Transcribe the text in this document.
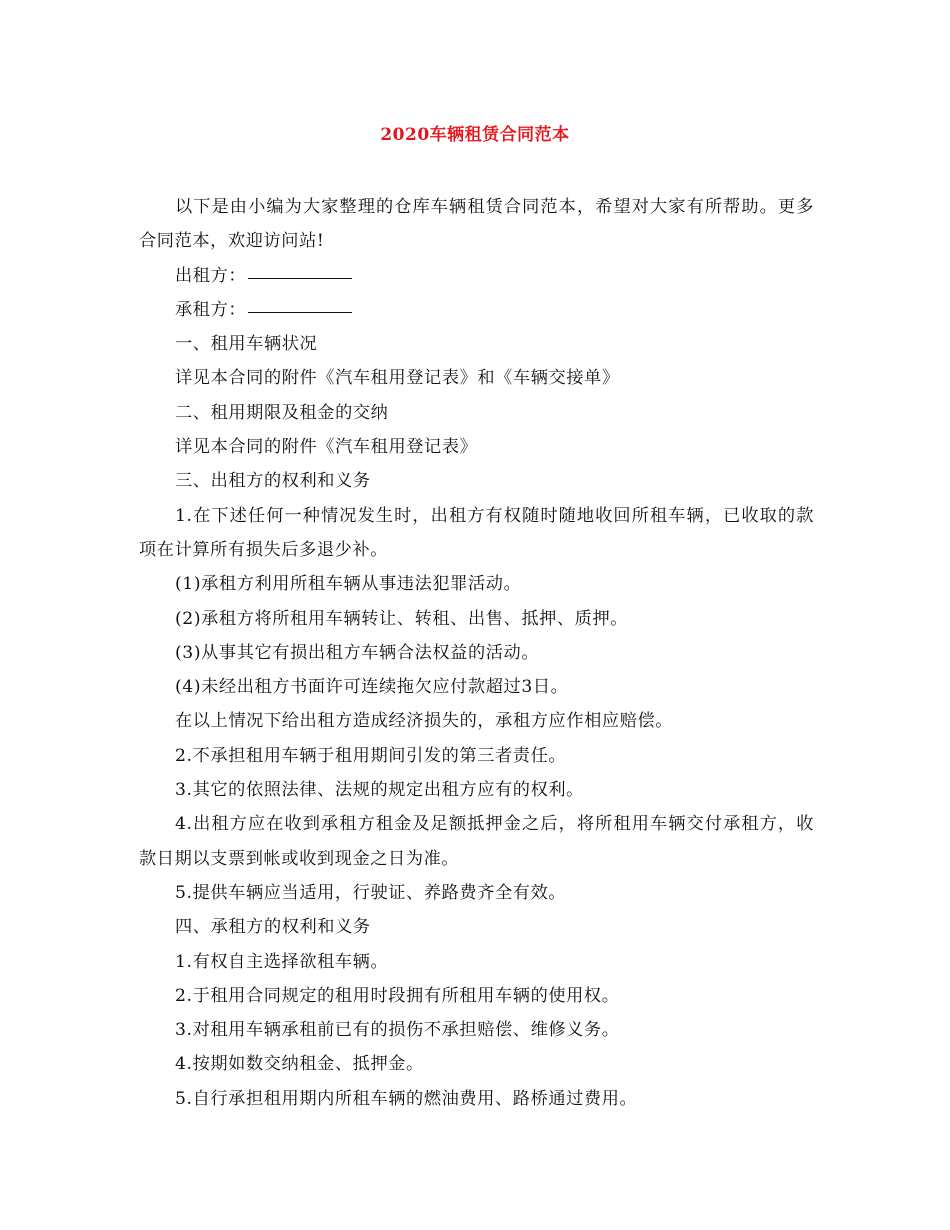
2020车辆租赁合同范本

以下是由小编为大家整理的仓库车辆租赁合同范本，希望对大家有所帮助。更多合同范本，欢迎访问站!

出租方：

承租方：

一、租用车辆状况

详见本合同的附件《汽车租用登记表》和《车辆交接单》

二、租用期限及租金的交纳

详见本合同的附件《汽车租用登记表》

三、出租方的权利和义务

1.在下述任何一种情况发生时，出租方有权随时随地收回所租车辆，已收取的款项在计算所有损失后多退少补。

(1)承租方利用所租车辆从事违法犯罪活动。

(2)承租方将所租用车辆转让、转租、出售、抵押、质押。

(3)从事其它有损出租方车辆合法权益的活动。

(4)未经出租方书面许可连续拖欠应付款超过3日。

在以上情况下给出租方造成经济损失的，承租方应作相应赔偿。

2.不承担租用车辆于租用期间引发的第三者责任。

3.其它的依照法律、法规的规定出租方应有的权利。

4.出租方应在收到承租方租金及足额抵押金之后，将所租用车辆交付承租方，收款日期以支票到帐或收到现金之日为准。

5.提供车辆应当适用，行驶证、养路费齐全有效。

四、承租方的权利和义务

1.有权自主选择欲租车辆。

2.于租用合同规定的租用时段拥有所租用车辆的使用权。

3.对租用车辆承租前已有的损伤不承担赔偿、维修义务。

4.按期如数交纳租金、抵押金。

5.自行承担租用期内所租车辆的燃油费用、路桥通过费用。
